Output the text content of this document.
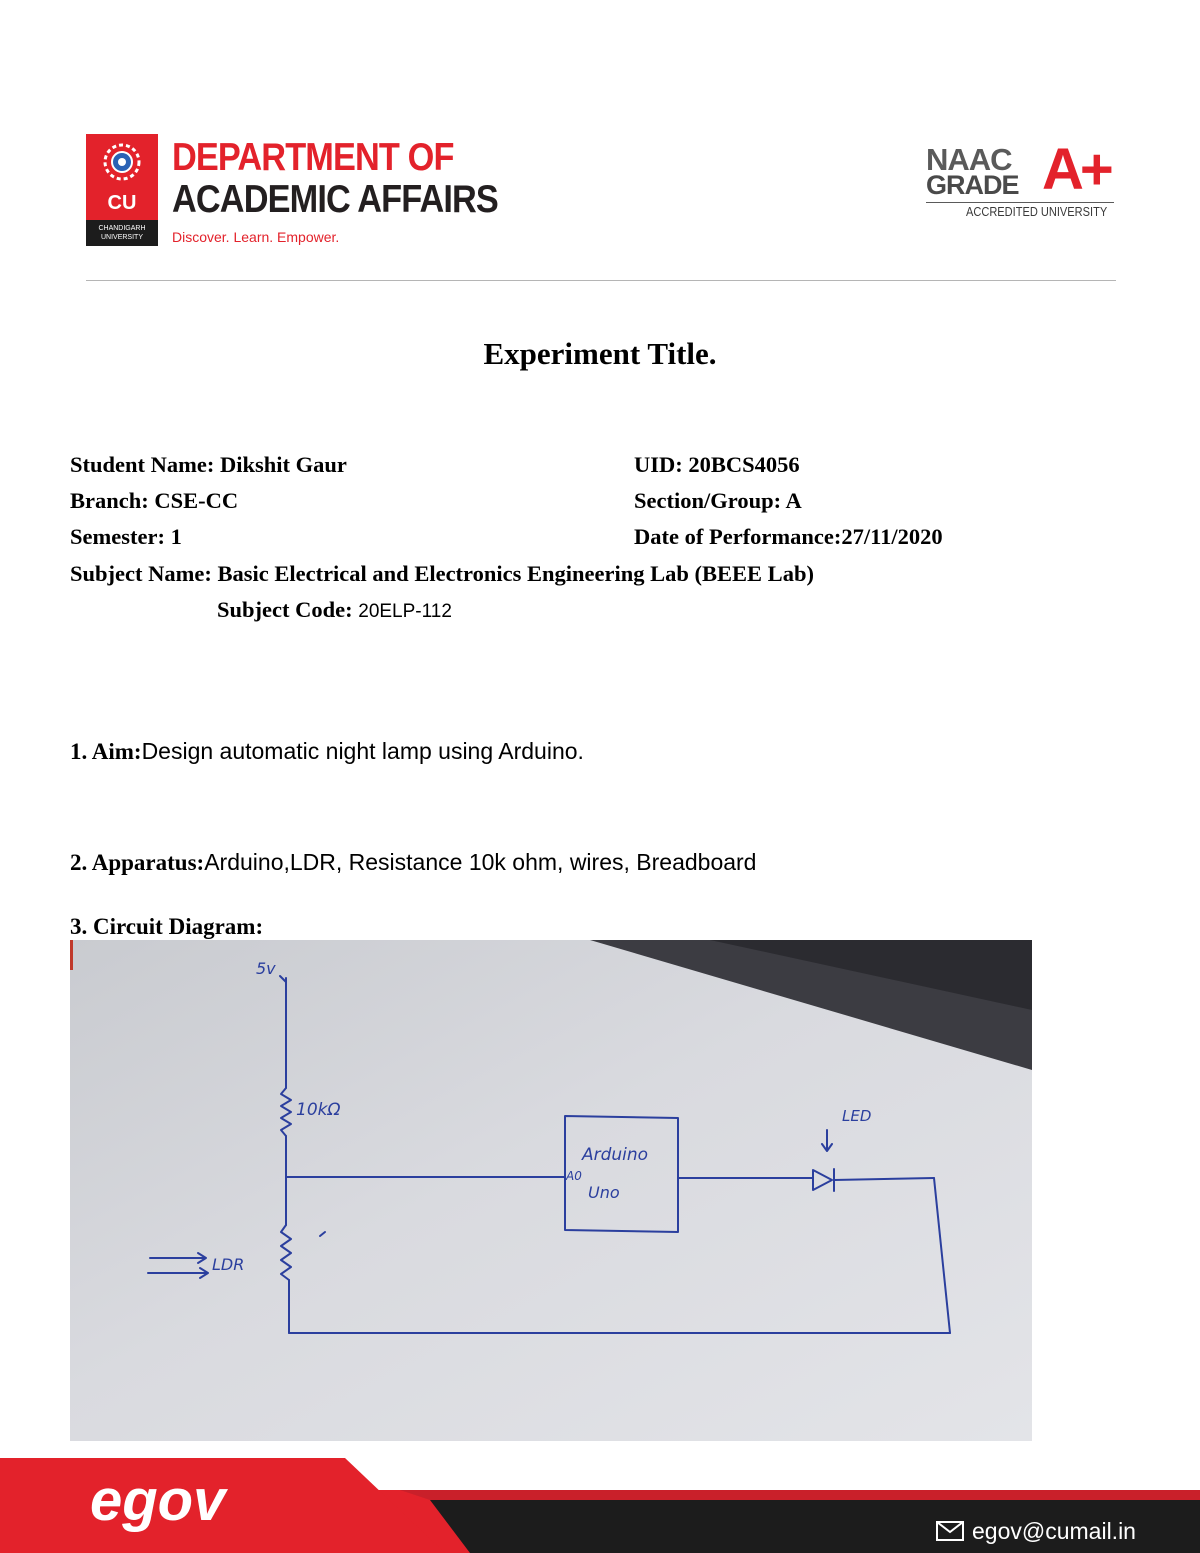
CU
CHANDIGARH
UNIVERSITY
DEPARTMENT OF
ACADEMIC AFFAIRS
Discover. Learn. Empower.
NAAC
GRADE A+
ACCREDITED UNIVERSITY
Experiment Title.
Student Name: Dikshit Gaur	UID: 20BCS4056
Branch: CSE-CC	Section/Group: A
Semester: 1	Date of Performance:27/11/2020
Subject Name: Basic Electrical and Electronics Engineering Lab (BEEE Lab)
Subject Code: 20ELP-112
1. Aim:Design automatic night lamp using Arduino.
2. Apparatus:Arduino,LDR, Resistance 10k ohm, wires, Breadboard
3. Circuit Diagram:
5v
10kΩ	LED
LDR
Arduino
Uno
A0
egov	egov@cumail.in
